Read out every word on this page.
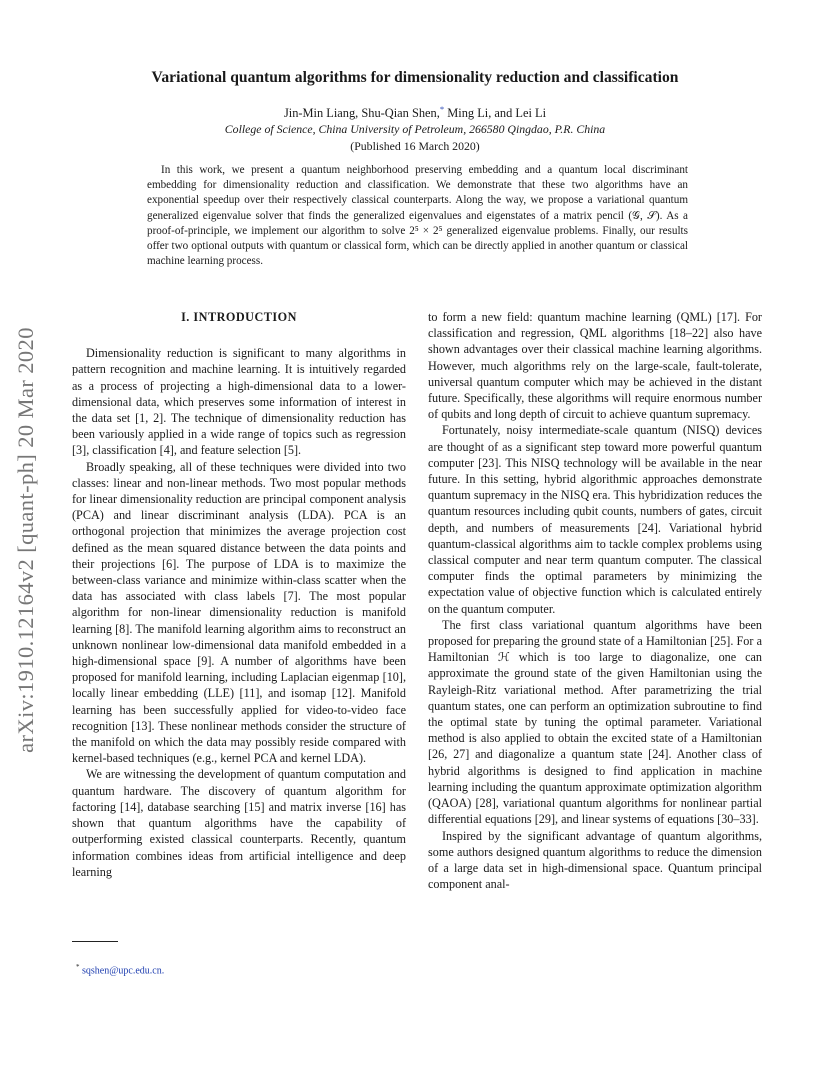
arXiv:1910.12164v2 [quant-ph] 20 Mar 2020
Variational quantum algorithms for dimensionality reduction and classification
Jin-Min Liang, Shu-Qian Shen,* Ming Li, and Lei Li
College of Science, China University of Petroleum, 266580 Qingdao, P.R. China
(Published 16 March 2020)

In this work, we present a quantum neighborhood preserving embedding and a quantum local discriminant embedding for dimensionality reduction and classification. We demonstrate that these two algorithms have an exponential speedup over their respectively classical counterparts. Along the way, we propose a variational quantum generalized eigenvalue solver that finds the generalized eigenvalues and eigenstates of a matrix pencil (𝒢, 𝒮). As a proof-of-principle, we implement our algorithm to solve 2⁵ × 2⁵ generalized eigenvalue problems. Finally, our results offer two optional outputs with quantum or classical form, which can be directly applied in another quantum or classical machine learning process.

I. INTRODUCTION

Dimensionality reduction is significant to many algorithms in pattern recognition and machine learning. It is intuitively regarded as a process of projecting a high-dimensional data to a lower-dimensional data, which preserves some information of interest in the data set [1, 2]. The technique of dimensionality reduction has been variously applied in a wide range of topics such as regression [3], classification [4], and feature selection [5].

Broadly speaking, all of these techniques were divided into two classes: linear and non-linear methods. Two most popular methods for linear dimensionality reduction are principal component analysis (PCA) and linear discriminant analysis (LDA). PCA is an orthogonal projection that minimizes the average projection cost defined as the mean squared distance between the data points and their projections [6]. The purpose of LDA is to maximize the between-class variance and minimize within-class scatter when the data has associated with class labels [7]. The most popular algorithm for non-linear dimensionality reduction is manifold learning [8]. The manifold learning algorithm aims to reconstruct an unknown nonlinear low-dimensional data manifold embedded in a high-dimensional space [9]. A number of algorithms have been proposed for manifold learning, including Laplacian eigenmap [10], locally linear embedding (LLE) [11], and isomap [12]. Manifold learning has been successfully applied for video-to-video face recognition [13]. These nonlinear methods consider the structure of the manifold on which the data may possibly reside compared with kernel-based techniques (e.g., kernel PCA and kernel LDA).

We are witnessing the development of quantum computation and quantum hardware. The discovery of quantum algorithm for factoring [14], database searching [15] and matrix inverse [16] has shown that quantum algorithms have the capability of outperforming existed classical counterparts. Recently, quantum information combines ideas from artificial intelligence and deep learning

to form a new field: quantum machine learning (QML) [17]. For classification and regression, QML algorithms [18–22] also have shown advantages over their classical machine learning algorithms. However, much algorithms rely on the large-scale, fault-tolerate, universal quantum computer which may be achieved in the distant future. Specifically, these algorithms will require enormous number of qubits and long depth of circuit to achieve quantum supremacy.

Fortunately, noisy intermediate-scale quantum (NISQ) devices are thought of as a significant step toward more powerful quantum computer [23]. This NISQ technology will be available in the near future. In this setting, hybrid algorithmic approaches demonstrate quantum supremacy in the NISQ era. This hybridization reduces the quantum resources including qubit counts, numbers of gates, circuit depth, and numbers of measurements [24]. Variational hybrid quantum-classical algorithms aim to tackle complex problems using classical computer and near term quantum computer. The classical computer finds the optimal parameters by minimizing the expectation value of objective function which is calculated entirely on the quantum computer.

The first class variational quantum algorithms have been proposed for preparing the ground state of a Hamiltonian [25]. For a Hamiltonian ℋ which is too large to diagonalize, one can approximate the ground state of the given Hamiltonian using the Rayleigh-Ritz variational method. After parametrizing the trial quantum states, one can perform an optimization subroutine to find the optimal state by tuning the optimal parameter. Variational method is also applied to obtain the excited state of a Hamiltonian [26, 27] and diagonalize a quantum state [24]. Another class of hybrid algorithms is designed to find application in machine learning including the quantum approximate optimization algorithm (QAOA) [28], variational quantum algorithms for nonlinear partial differential equations [29], and linear systems of equations [30–33].

Inspired by the significant advantage of quantum algorithms, some authors designed quantum algorithms to reduce the dimension of a large data set in high-dimensional space. Quantum principal component anal-

* sqshen@upc.edu.cn.
